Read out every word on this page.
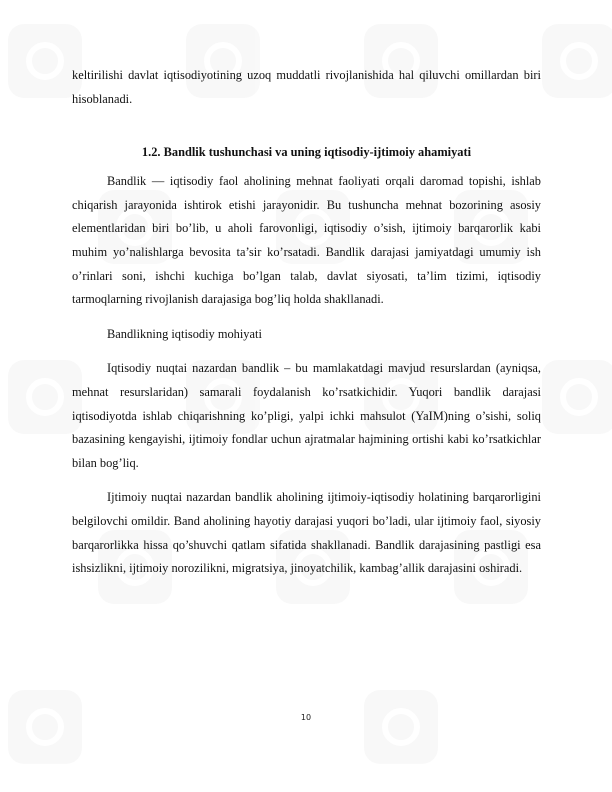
keltirilishi davlat iqtisodiyotining uzoq muddatli rivojlanishida hal qiluvchi omillardan biri hisoblanadi.

1.2. Bandlik tushunchasi va uning iqtisodiy-ijtimoiy ahamiyati

Bandlik — iqtisodiy faol aholining mehnat faoliyati orqali daromad topishi, ishlab chiqarish jarayonida ishtirok etishi jarayonidir. Bu tushuncha mehnat bozorining asosiy elementlaridan biri bo’lib, u aholi farovonligi, iqtisodiy o’sish, ijtimoiy barqarorlik kabi muhim yo’nalishlarga bevosita ta’sir ko’rsatadi. Bandlik darajasi jamiyatdagi umumiy ish o’rinlari soni, ishchi kuchiga bo’lgan talab, davlat siyosati, ta’lim tizimi, iqtisodiy tarmoqlarning rivojlanish darajasiga bog’liq holda shakllanadi.

Bandlikning iqtisodiy mohiyati

Iqtisodiy nuqtai nazardan bandlik – bu mamlakatdagi mavjud resurslardan (ayniqsa, mehnat resurslaridan) samarali foydalanish ko’rsatkichidir. Yuqori bandlik darajasi iqtisodiyotda ishlab chiqarishning ko’pligi, yalpi ichki mahsulot (YaIM)ning o’sishi, soliq bazasining kengayishi, ijtimoiy fondlar uchun ajratmalar hajmining ortishi kabi ko’rsatkichlar bilan bog’liq.

Ijtimoiy nuqtai nazardan bandlik aholining ijtimoiy-iqtisodiy holatining barqarorligini belgilovchi omildir. Band aholining hayotiy darajasi yuqori bo’ladi, ular ijtimoiy faol, siyosiy barqarorlikka hissa qo’shuvchi qatlam sifatida shakllanadi. Bandlik darajasining pastligi esa ishsizlikni, ijtimoiy norozilikni, migratsiya, jinoyatchilik, kambag’allik darajasini oshiradi.

10
